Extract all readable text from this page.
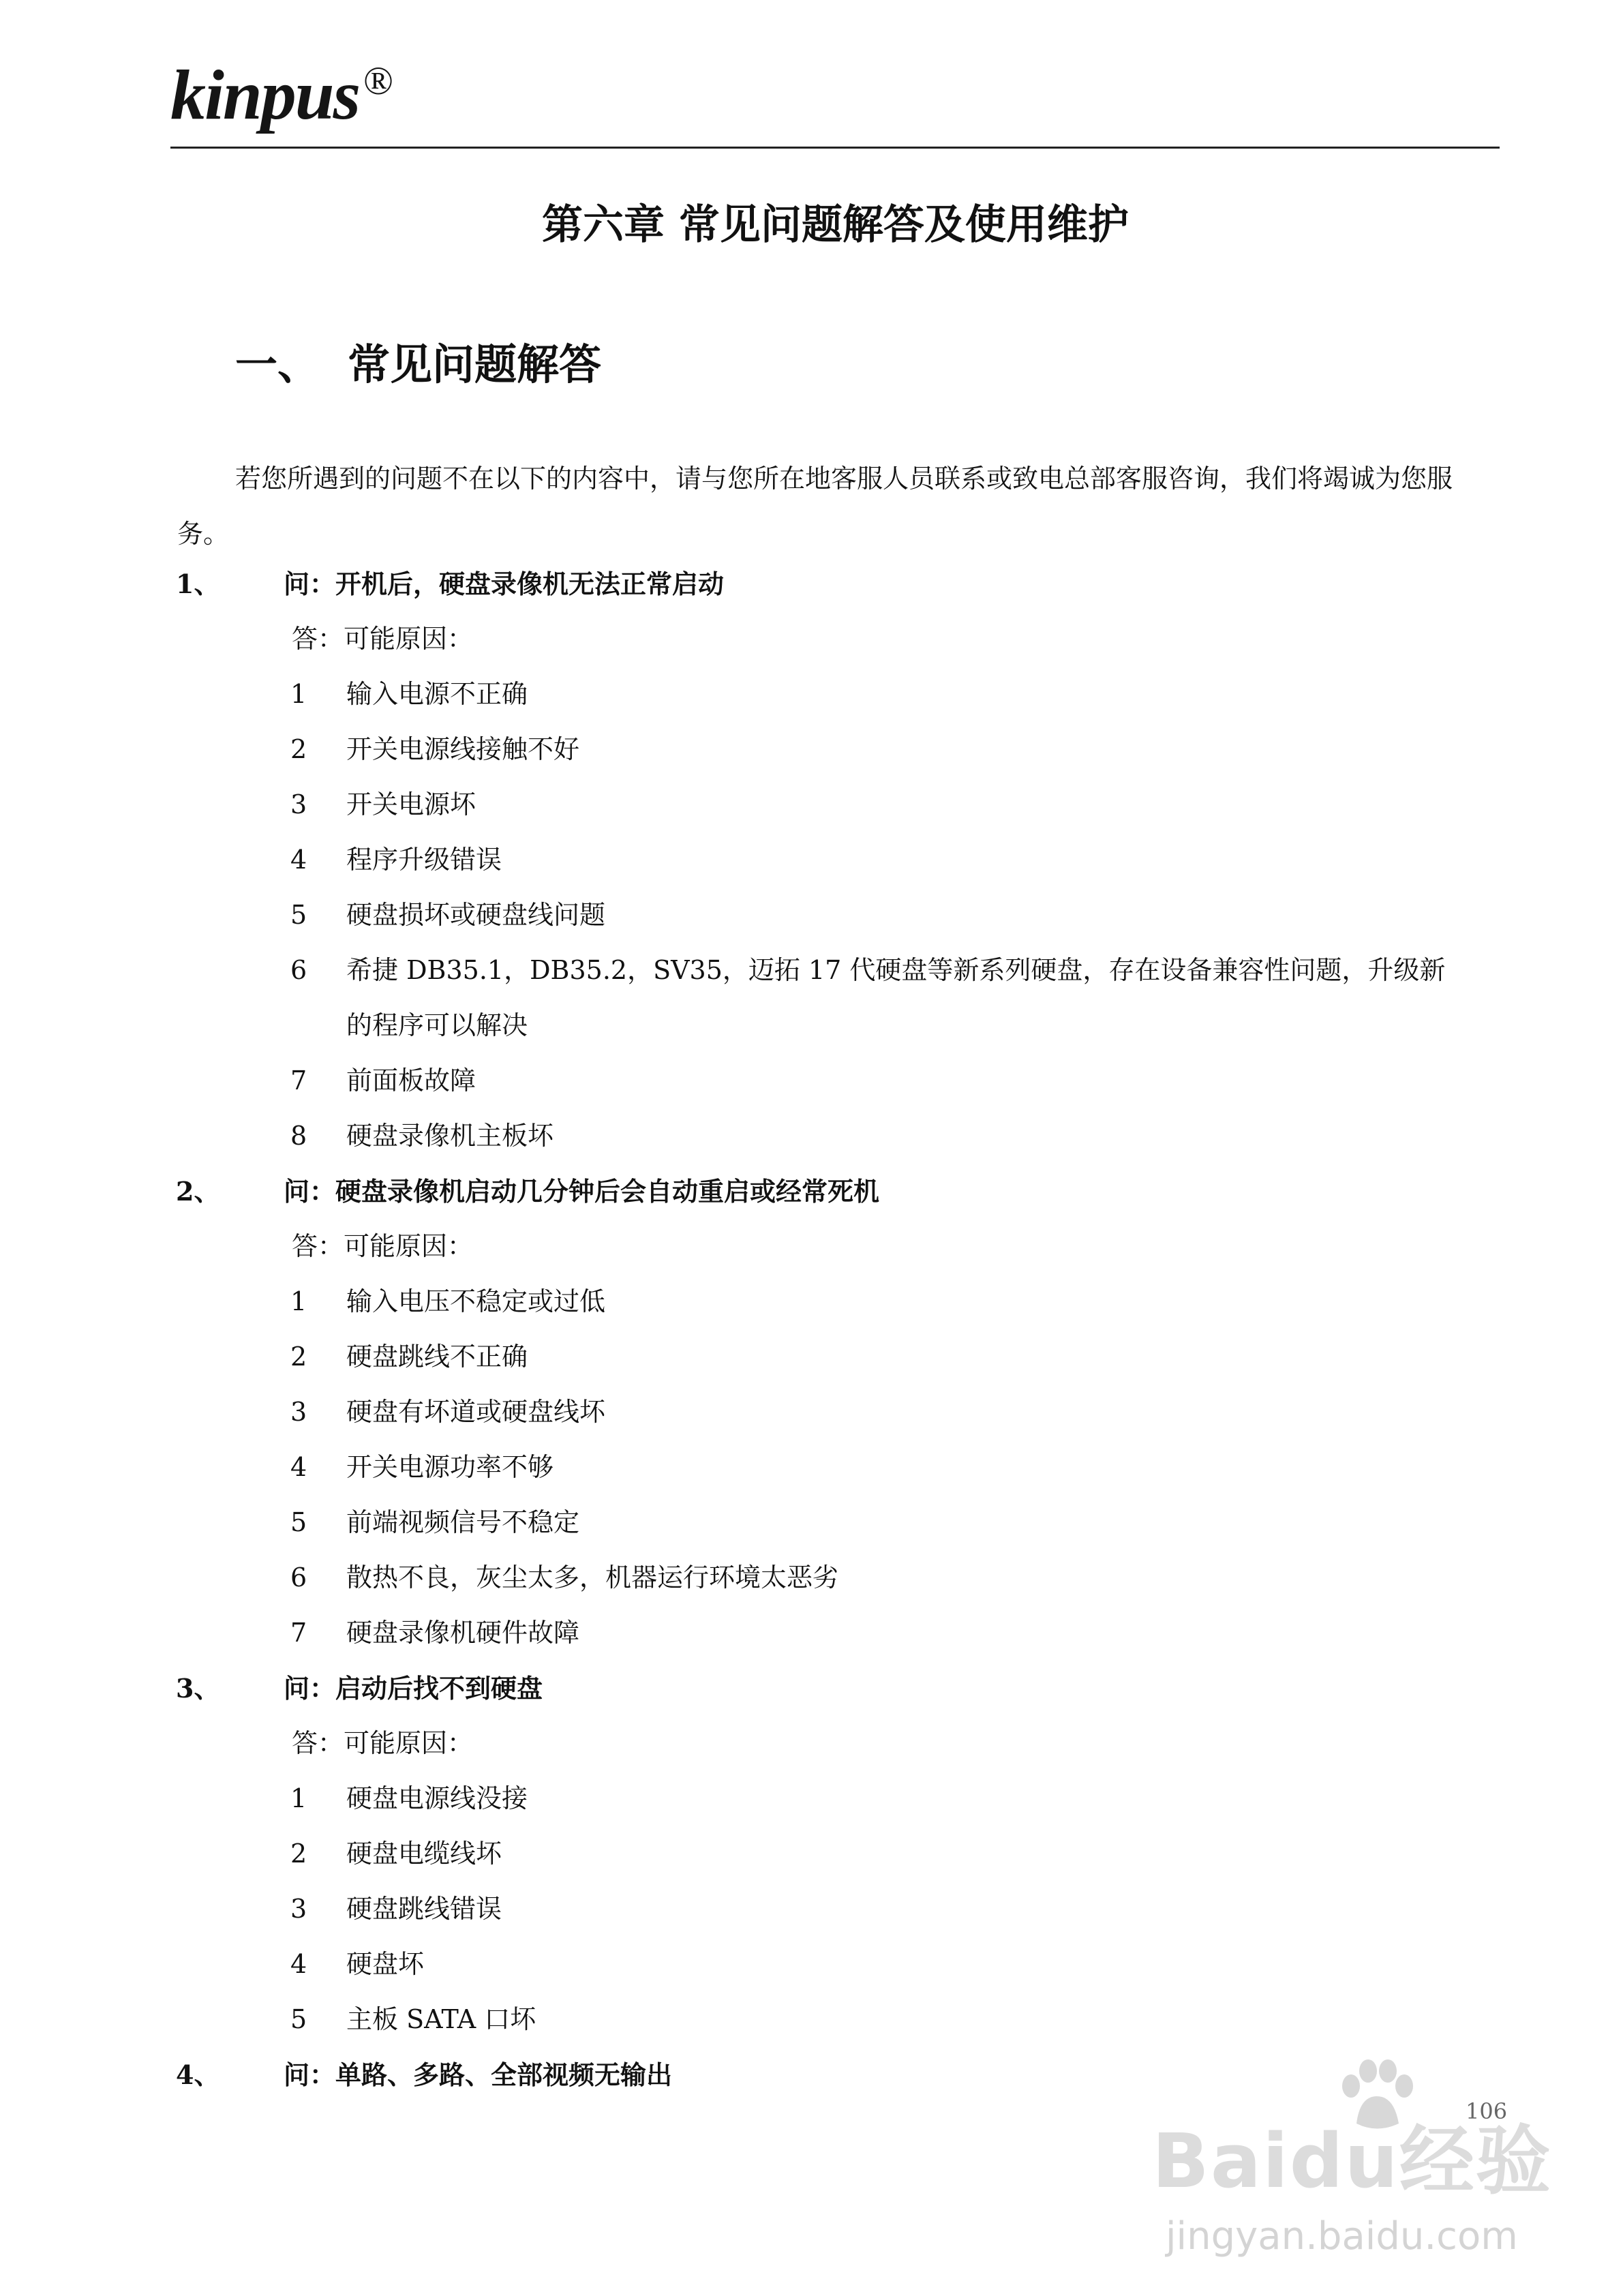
kinpus ®
第六章 常见问题解答及使用维护
一、 常见问题解答
若您所遇到的问题不在以下的内容中，请与您所在地客服人员联系或致电总部客服咨询，我们将竭诚为您服务。
1、 问：开机后，硬盘录像机无法正常启动
答：可能原因：
1 输入电源不正确
2 开关电源线接触不好
3 开关电源坏
4 程序升级错误
5 硬盘损坏或硬盘线问题
6 希捷 DB35.1，DB35.2，SV35，迈拓 17 代硬盘等新系列硬盘，存在设备兼容性问题，升级新
的程序可以解决
7 前面板故障
8 硬盘录像机主板坏
2、 问：硬盘录像机启动几分钟后会自动重启或经常死机
答：可能原因：
1 输入电压不稳定或过低
2 硬盘跳线不正确
3 硬盘有坏道或硬盘线坏
4 开关电源功率不够
5 前端视频信号不稳定
6 散热不良，灰尘太多，机器运行环境太恶劣
7 硬盘录像机硬件故障
3、 问：启动后找不到硬盘
答：可能原因：
1 硬盘电源线没接
2 硬盘电缆线坏
3 硬盘跳线错误
4 硬盘坏
5 主板 SATA 口坏
4、 问：单路、多路、全部视频无输出
106
Baidu经验
jingyan.baidu.com
